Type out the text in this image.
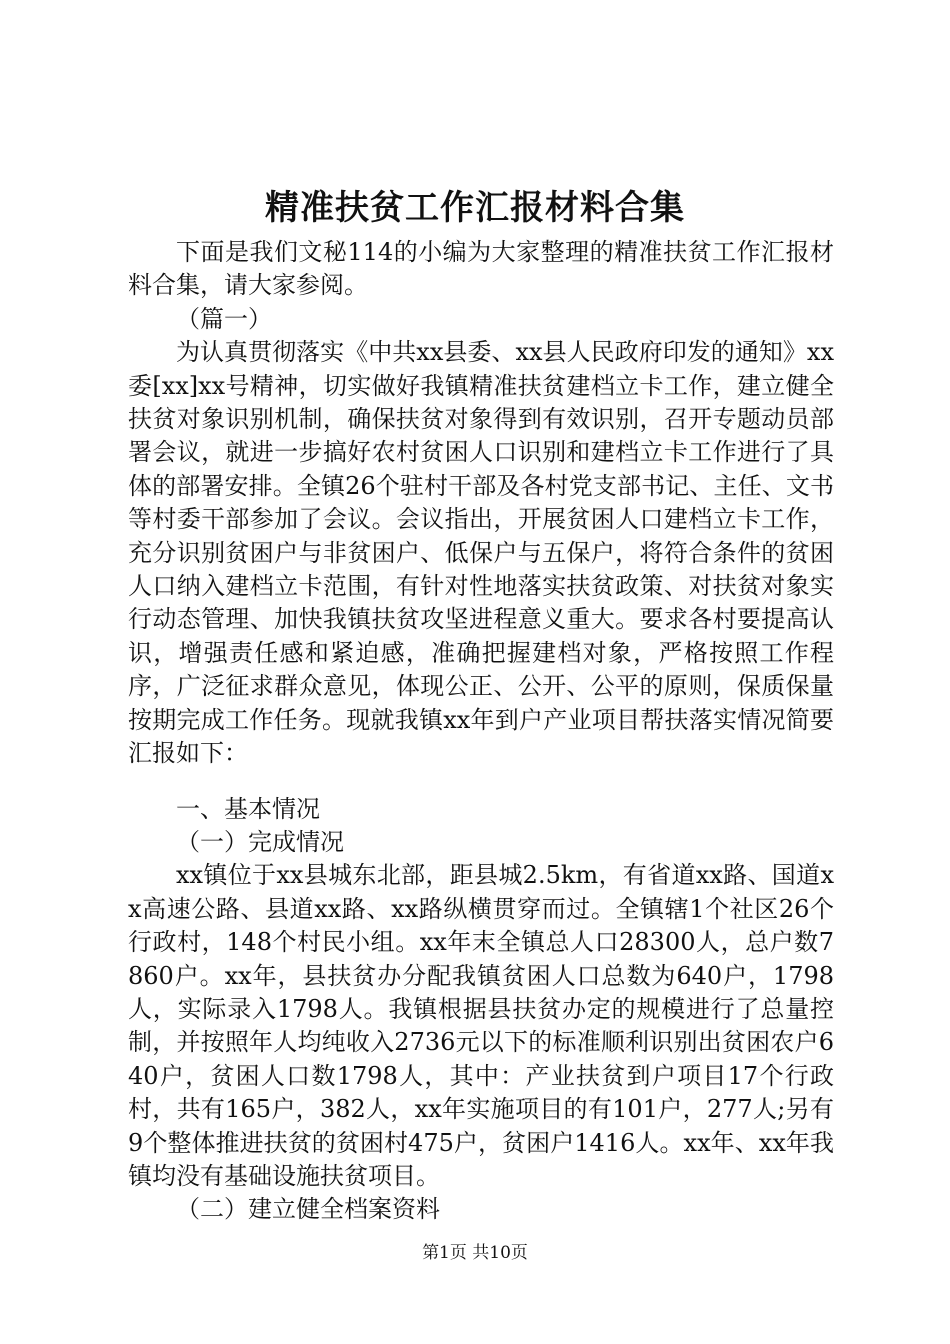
精准扶贫工作汇报材料合集

下面是我们文秘114的小编为大家整理的精准扶贫工作汇报材料合集，请大家参阅。

（篇一）

为认真贯彻落实《中共xx县委、xx县人民政府印发的通知》xx委[xx]xx号精神，切实做好我镇精准扶贫建档立卡工作，建立健全扶贫对象识别机制，确保扶贫对象得到有效识别，召开专题动员部署会议，就进一步搞好农村贫困人口识别和建档立卡工作进行了具体的部署安排。全镇26个驻村干部及各村党支部书记、主任、文书等村委干部参加了会议。会议指出，开展贫困人口建档立卡工作，充分识别贫困户与非贫困户、低保户与五保户，将符合条件的贫困人口纳入建档立卡范围，有针对性地落实扶贫政策、对扶贫对象实行动态管理、加快我镇扶贫攻坚进程意义重大。要求各村要提高认识，增强责任感和紧迫感，准确把握建档对象，严格按照工作程序，广泛征求群众意见，体现公正、公开、公平的原则，保质保量按期完成工作任务。现就我镇xx年到户产业项目帮扶落实情况简要汇报如下：

一、基本情况

（一）完成情况

xx镇位于xx县城东北部，距县城2.5km，有省道xx路、国道xx高速公路、县道xx路、xx路纵横贯穿而过。全镇辖1个社区26个行政村，148个村民小组。xx年末全镇总人口28300人，总户数7860户。xx年，县扶贫办分配我镇贫困人口总数为640户，1798人，实际录入1798人。我镇根据县扶贫办定的规模进行了总量控制，并按照年人均纯收入2736元以下的标准顺利识别出贫困农户640户，贫困人口数1798人，其中：产业扶贫到户项目17个行政村，共有165户，382人，xx年实施项目的有101户，277人;另有9个整体推进扶贫的贫困村475户，贫困户1416人。xx年、xx年我镇均没有基础设施扶贫项目。

（二）建立健全档案资料

第1页 共10页
